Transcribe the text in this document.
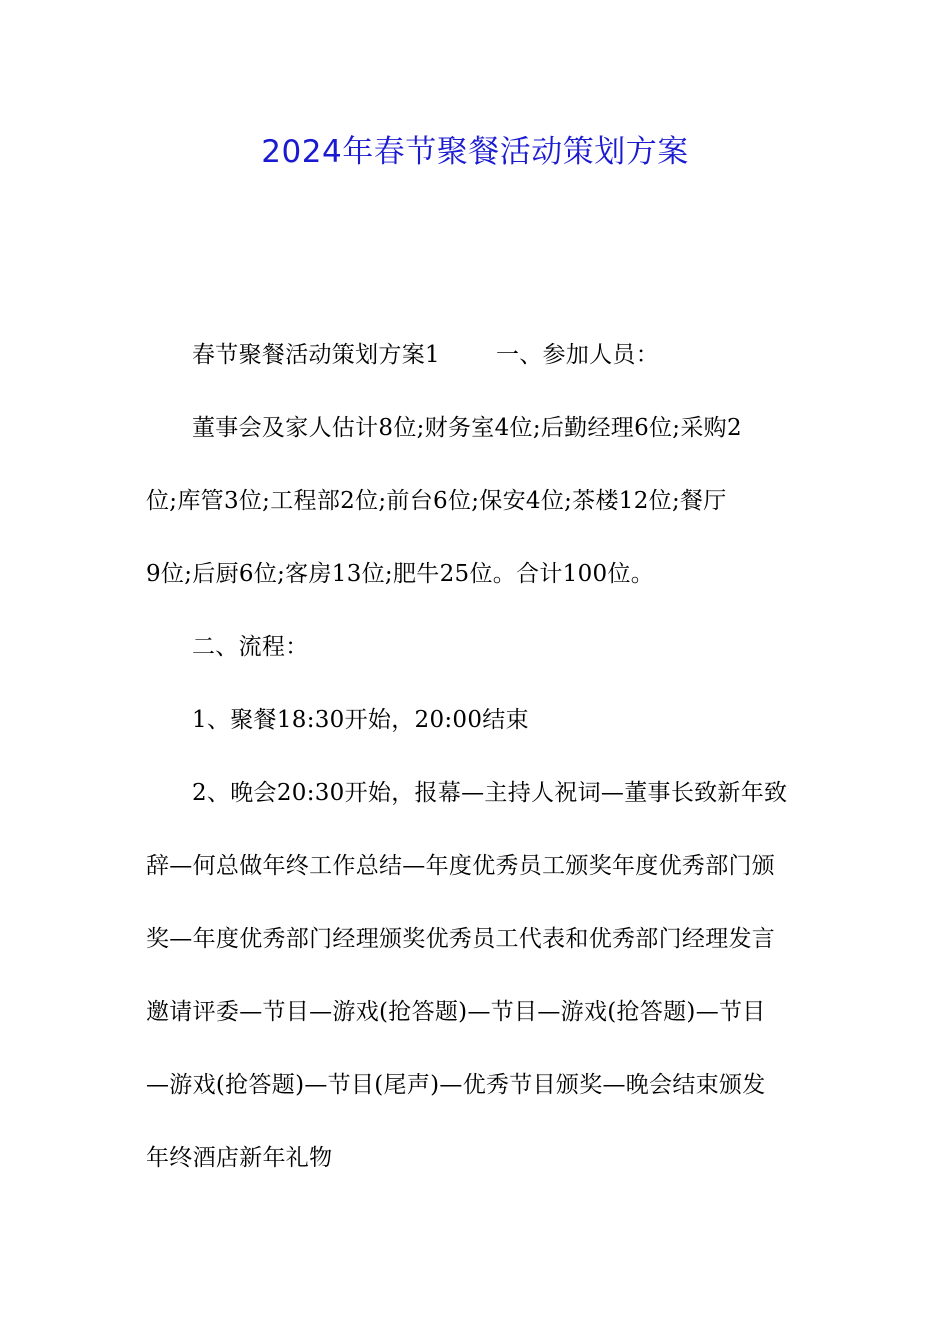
2024年春节聚餐活动策划方案
春节聚餐活动策划方案1 一、参加人员：
董事会及家人估计8位;财务室4位;后勤经理6位;采购2
位;库管3位;工程部2位;前台6位;保安4位;茶楼12位;餐厅
9位;后厨6位;客房13位;肥牛25位。合计100位。
二、流程：
1、聚餐18:30开始，20:00结束
2、晚会20:30开始，报幕—主持人祝词—董事长致新年致
辞—何总做年终工作总结—年度优秀员工颁奖年度优秀部门颁
奖—年度优秀部门经理颁奖优秀员工代表和优秀部门经理发言
邀请评委—节目—游戏(抢答题)—节目—游戏(抢答题)—节目
—游戏(抢答题)—节目(尾声)—优秀节目颁奖—晚会结束颁发
年终酒店新年礼物
